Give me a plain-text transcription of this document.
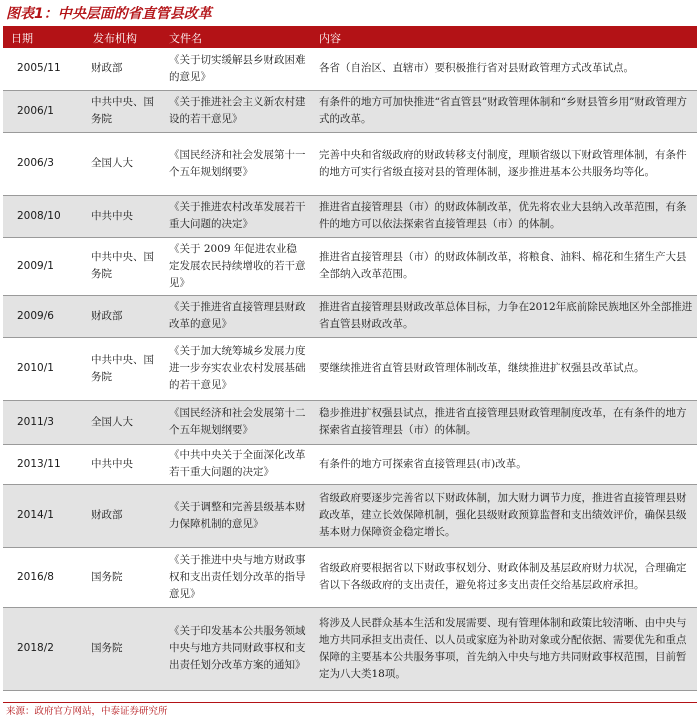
图表1：中央层面的省直管县改革
日期	发布机构	文件名	内容
2005/11	财政部	《关于切实缓解县乡财政困难的意见》	各省（自治区、直辖市）要积极推行省对县财政管理方式改革试点。
2006/1	中共中央、国务院	《关于推进社会主义新农村建设的若干意见》	有条件的地方可加快推进“省直管县”财政管理体制和“乡财县管乡用”财政管理方式的改革。
2006/3	全国人大	《国民经济和社会发展第十一个五年规划纲要》	完善中央和省级政府的财政转移支付制度，理顺省级以下财政管理体制，有条件的地方可实行省级直接对县的管理体制，逐步推进基本公共服务均等化。
2008/10	中共中央	《关于推进农村改革发展若干重大问题的决定》	推进省直接管理县（市）的财政体制改革，优先将农业大县纳入改革范围，有条件的地方可以依法探索省直接管理县（市）的体制。
2009/1	中共中央、国务院	《关于 2009 年促进农业稳定发展农民持续增收的若干意见》	推进省直接管理县（市）的财政体制改革，将粮食、油料、棉花和生猪生产大县全部纳入改革范围。
2009/6	财政部	《关于推进省直接管理县财政改革的意见》	推进省直接管理县财政改革总体目标，力争在2012年底前除民族地区外全部推进省直管县财政改革。
2010/1	中共中央、国务院	《关于加大统筹城乡发展力度进一步夯实农业农村发展基础的若干意见》	要继续推进省直管县财政管理体制改革，继续推进扩权强县改革试点。
2011/3	全国人大	《国民经济和社会发展第十二个五年规划纲要》	稳步推进扩权强县试点，推进省直接管理县财政管理制度改革，在有条件的地方探索省直接管理县（市）的体制。
2013/11	中共中央	《中共中央关于全面深化改革若干重大问题的决定》	有条件的地方可探索省直接管理县(市)改革。
2014/1	财政部	《关于调整和完善县级基本财力保障机制的意见》	省级政府要逐步完善省以下财政体制，加大财力调节力度，推进省直接管理县财政改革，建立长效保障机制，强化县级财政预算监督和支出绩效评价，确保县级基本财力保障资金稳定增长。
2016/8	国务院	《关于推进中央与地方财政事权和支出责任划分改革的指导意见》	省级政府要根据省以下财政事权划分、财政体制及基层政府财力状况，合理确定省以下各级政府的支出责任，避免将过多支出责任交给基层政府承担。
2018/2	国务院	《关于印发基本公共服务领域中央与地方共同财政事权和支出责任划分改革方案的通知》	将涉及人民群众基本生活和发展需要、现有管理体制和政策比较清晰、由中央与地方共同承担支出责任、以人员或家庭为补助对象或分配依据、需要优先和重点保障的主要基本公共服务事项，首先纳入中央与地方共同财政事权范围，目前暂定为八大类18项。
来源：政府官方网站，中泰证券研究所
